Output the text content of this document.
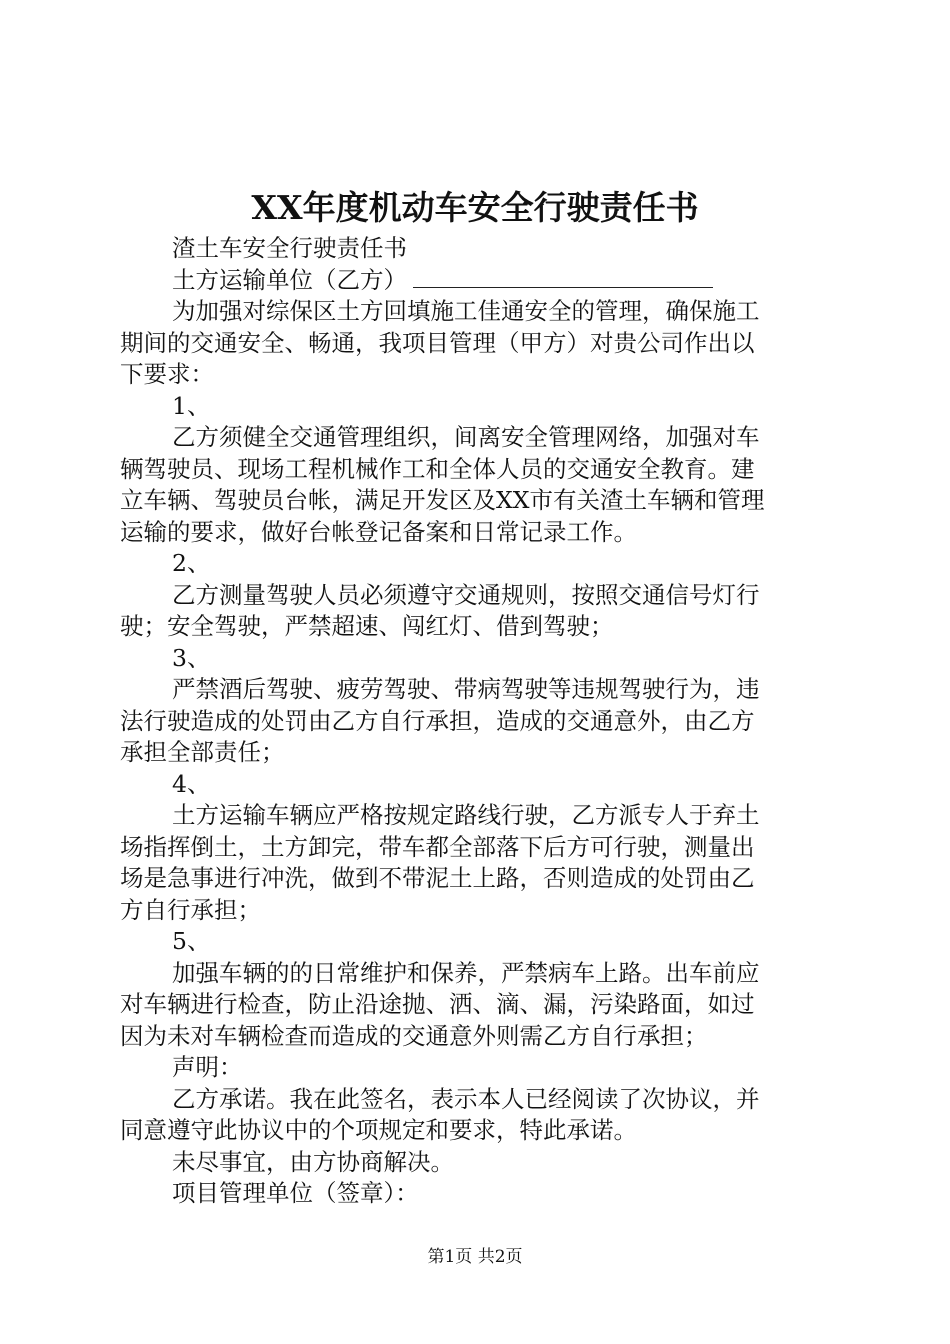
XX年度机动车安全行驶责任书
渣土车安全行驶责任书
土方运输单位（乙方）
为加强对综保区土方回填施工佳通安全的管理，确保施工
期间的交通安全、畅通，我项目管理（甲方）对贵公司作出以
下要求：
1、
乙方须健全交通管理组织，间离安全管理网络，加强对车
辆驾驶员、现场工程机械作工和全体人员的交通安全教育。建
立车辆、驾驶员台帐，满足开发区及XX市有关渣土车辆和管理
运输的要求，做好台帐登记备案和日常记录工作。
2、
乙方测量驾驶人员必须遵守交通规则，按照交通信号灯行
驶；安全驾驶，严禁超速、闯红灯、借到驾驶；
3、
严禁酒后驾驶、疲劳驾驶、带病驾驶等违规驾驶行为，违
法行驶造成的处罚由乙方自行承担，造成的交通意外，由乙方
承担全部责任；
4、
土方运输车辆应严格按规定路线行驶，乙方派专人于弃土
场指挥倒土，土方卸完，带车都全部落下后方可行驶，测量出
场是急事进行冲洗，做到不带泥土上路，否则造成的处罚由乙
方自行承担；
5、
加强车辆的的日常维护和保养，严禁病车上路。出车前应
对车辆进行检查，防止沿途抛、洒、滴、漏，污染路面，如过
因为未对车辆检查而造成的交通意外则需乙方自行承担；
声明：
乙方承诺。我在此签名，表示本人已经阅读了次协议，并
同意遵守此协议中的个项规定和要求，特此承诺。
未尽事宜，由方协商解决。
项目管理单位（签章）：
第1页 共2页
